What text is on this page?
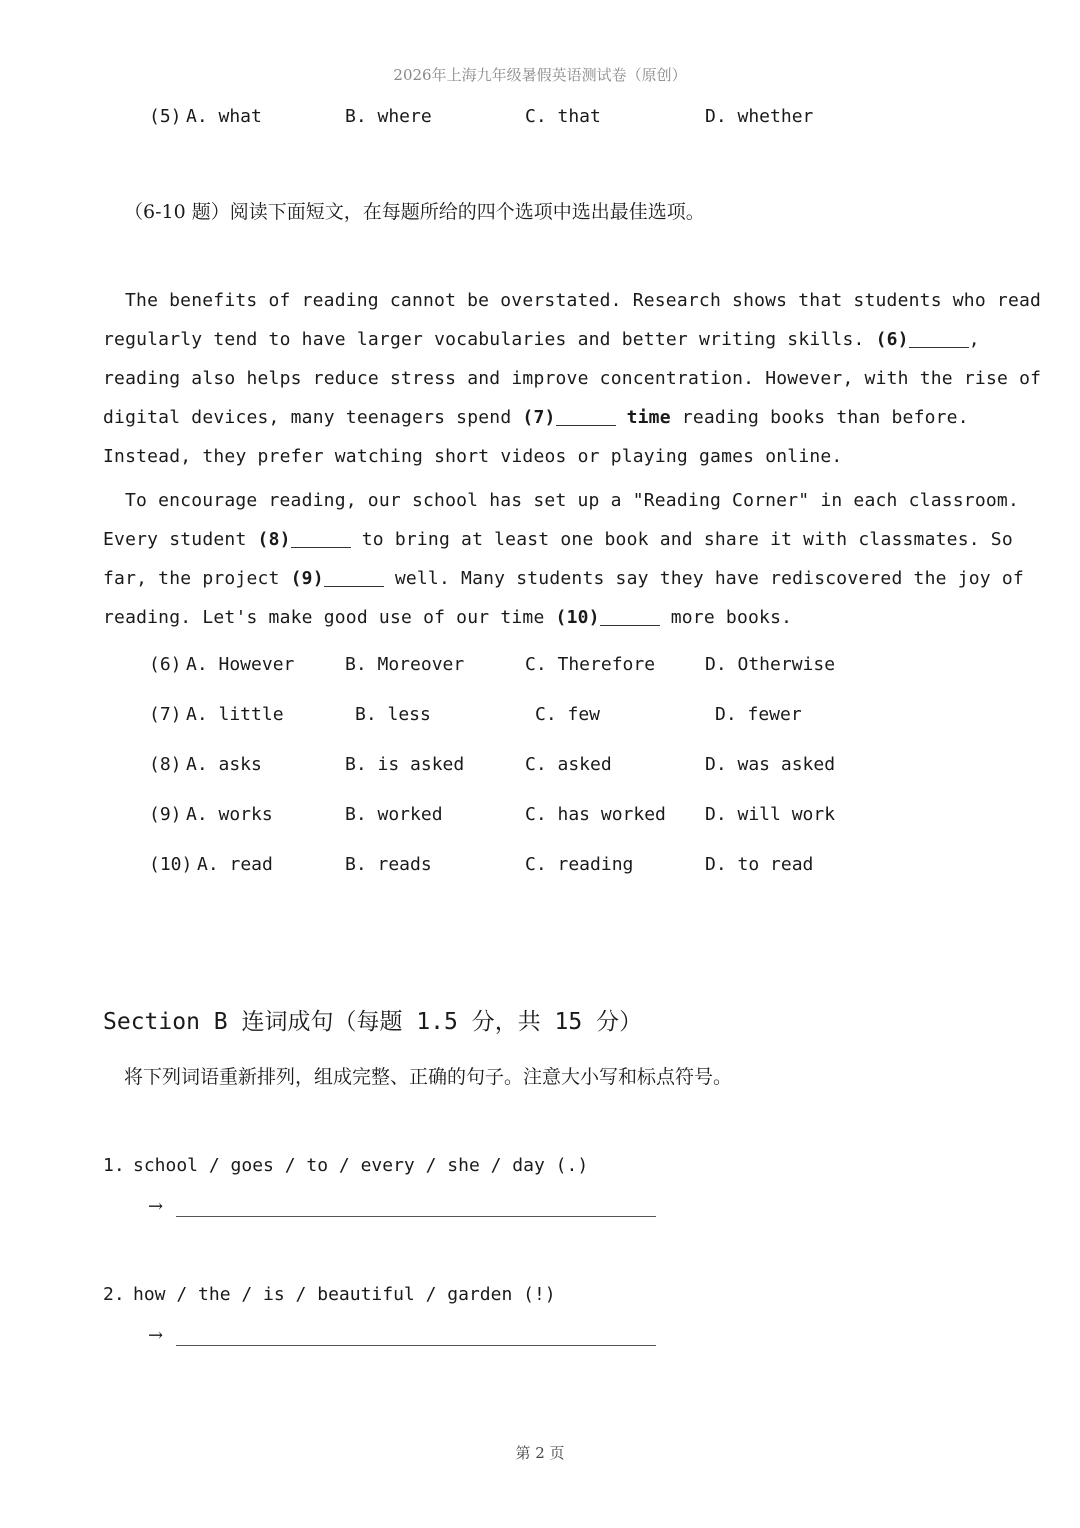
2026年上海九年级暑假英语测试卷（原创）
(5) A. what	B. where	C. that	D. whether
（6-10 题）阅读下面短文，在每题所给的四个选项中选出最佳选项。
The benefits of reading cannot be overstated. Research shows that students who read
regularly tend to have larger vocabularies and better writing skills. (6)	,
reading also helps reduce stress and improve concentration. However, with the rise of
digital devices, many teenagers spend (7)	time reading books than before.
Instead, they prefer watching short videos or playing games online.
To encourage reading, our school has set up a "Reading Corner" in each classroom.
Every student (8)	to bring at least one book and share it with classmates. So
far, the project (9)	well. Many students say they have rediscovered the joy of
reading. Let's make good use of our time (10)	more books.
(6) A. However	B. Moreover	C. Therefore	D. Otherwise
(7) A. little	B. less	C. few	D. fewer
(8) A. asks	B. is asked	C. asked	D. was asked
(9) A. works	B. worked	C. has worked D. will work
(10) A. read	B. reads	C. reading	D. to read
Section B 连词成句（每题 1.5 分，共 15 分）
将下列词语重新排列，组成完整、正确的句子。注意大小写和标点符号。
1. school / goes / to / every / she / day (.)
→
2. how / the / is / beautiful / garden (!)
→
第 2 页
